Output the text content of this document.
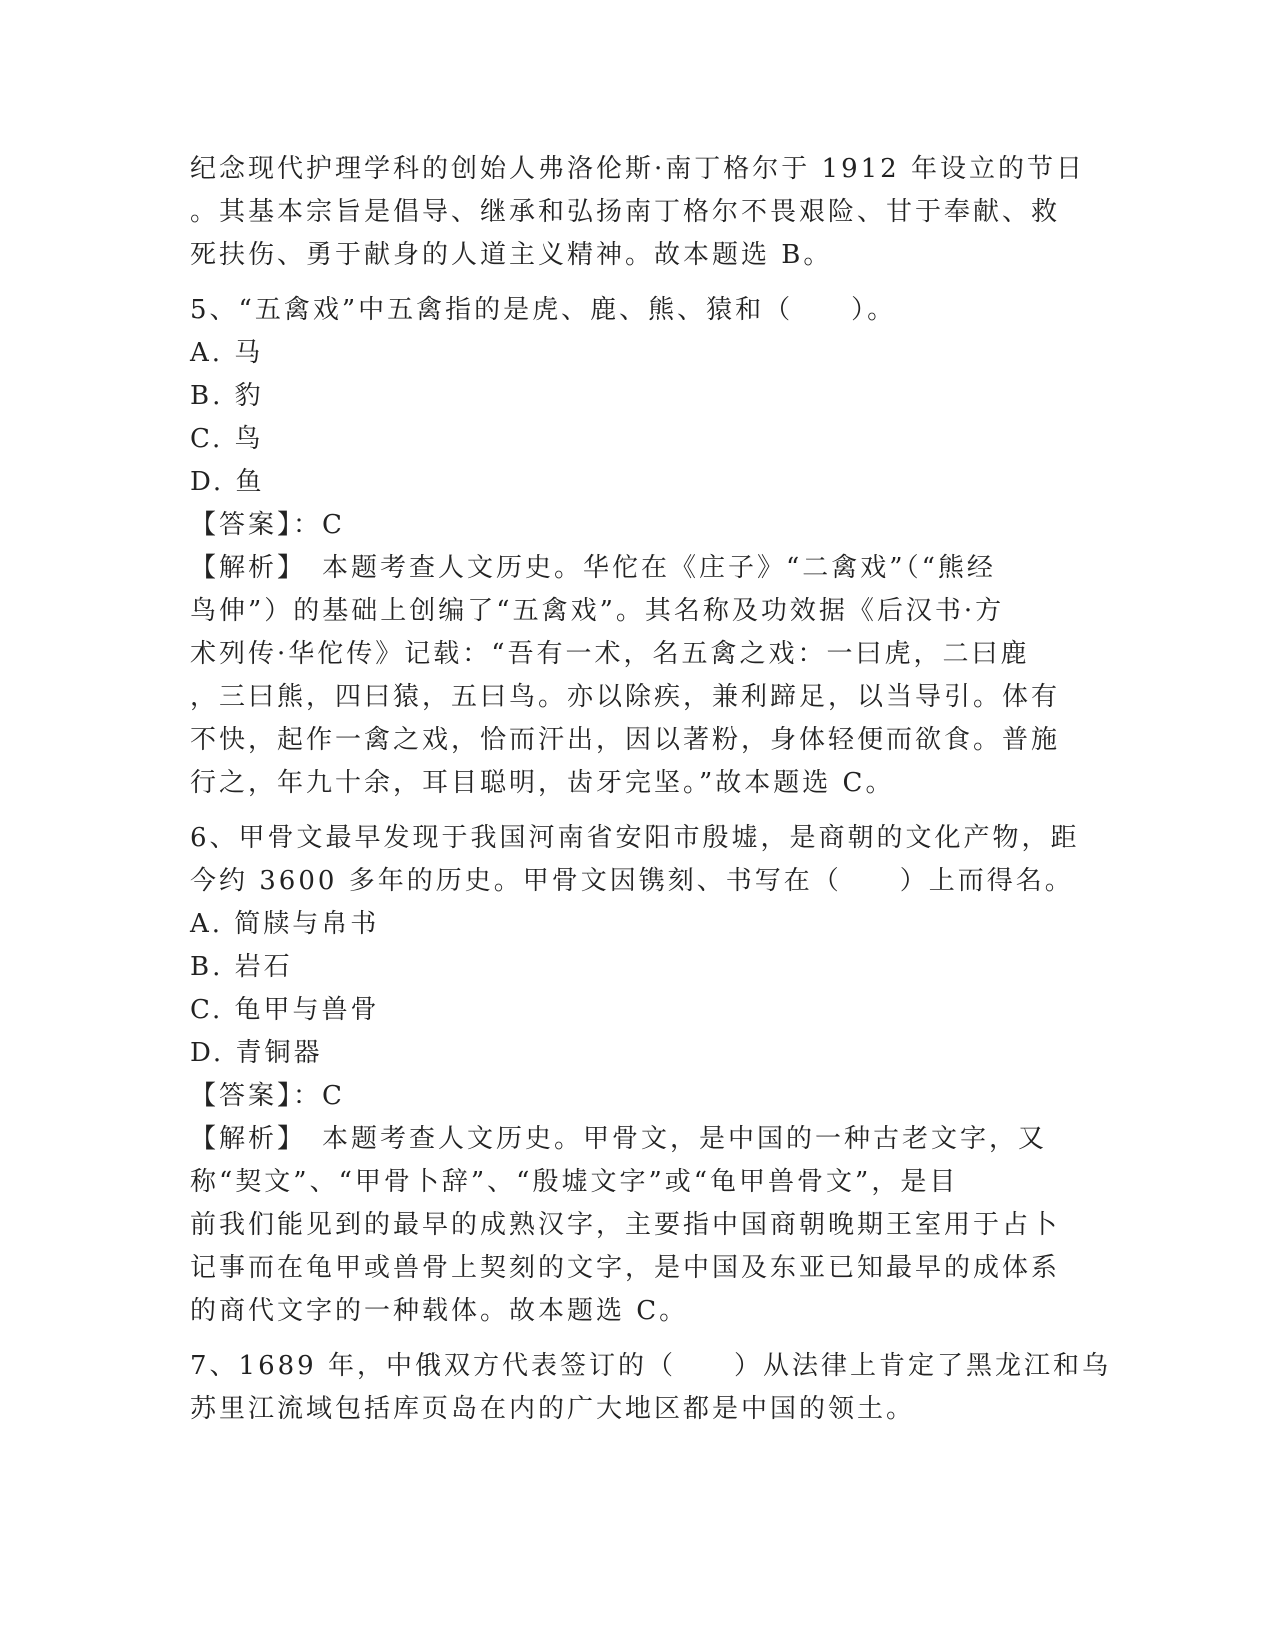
纪念现代护理学科的创始人弗洛伦斯·南丁格尔于 1912 年设立的节日

。其基本宗旨是倡导、继承和弘扬南丁格尔不畏艰险、甘于奉献、救

死扶伤、勇于献身的人道主义精神。故本题选 B。

5、“五禽戏”中五禽指的是虎、鹿、熊、猿和（　　）。

A. 马

B. 豹

C. 鸟

D. 鱼

【答案】：C

【解析】　本题考查人文历史。华佗在《庄子》“二禽戏”（“熊经

鸟伸”）的基础上创编了“五禽戏”。其名称及功效据《后汉书·方

术列传·华佗传》记载：“吾有一术，名五禽之戏：一曰虎，二曰鹿

，三曰熊，四曰猿，五曰鸟。亦以除疾，兼利蹄足，以当导引。体有

不快，起作一禽之戏，恰而汗出，因以著粉，身体轻便而欲食。普施

行之，年九十余，耳目聪明，齿牙完坚。”故本题选 C。

6、甲骨文最早发现于我国河南省安阳市殷墟，是商朝的文化产物，距

今约 3600 多年的历史。甲骨文因镌刻、书写在（　　）上而得名。

A. 简牍与帛书

B. 岩石

C. 龟甲与兽骨

D. 青铜器

【答案】：C

【解析】　本题考查人文历史。甲骨文，是中国的一种古老文字，又

称“契文”、“甲骨卜辞”、“殷墟文字”或“龟甲兽骨文”，是目

前我们能见到的最早的成熟汉字，主要指中国商朝晚期王室用于占卜

记事而在龟甲或兽骨上契刻的文字，是中国及东亚已知最早的成体系

的商代文字的一种载体。故本题选 C。

7、1689 年，中俄双方代表签订的（　　）从法律上肯定了黑龙江和乌

苏里江流域包括库页岛在内的广大地区都是中国的领土。
